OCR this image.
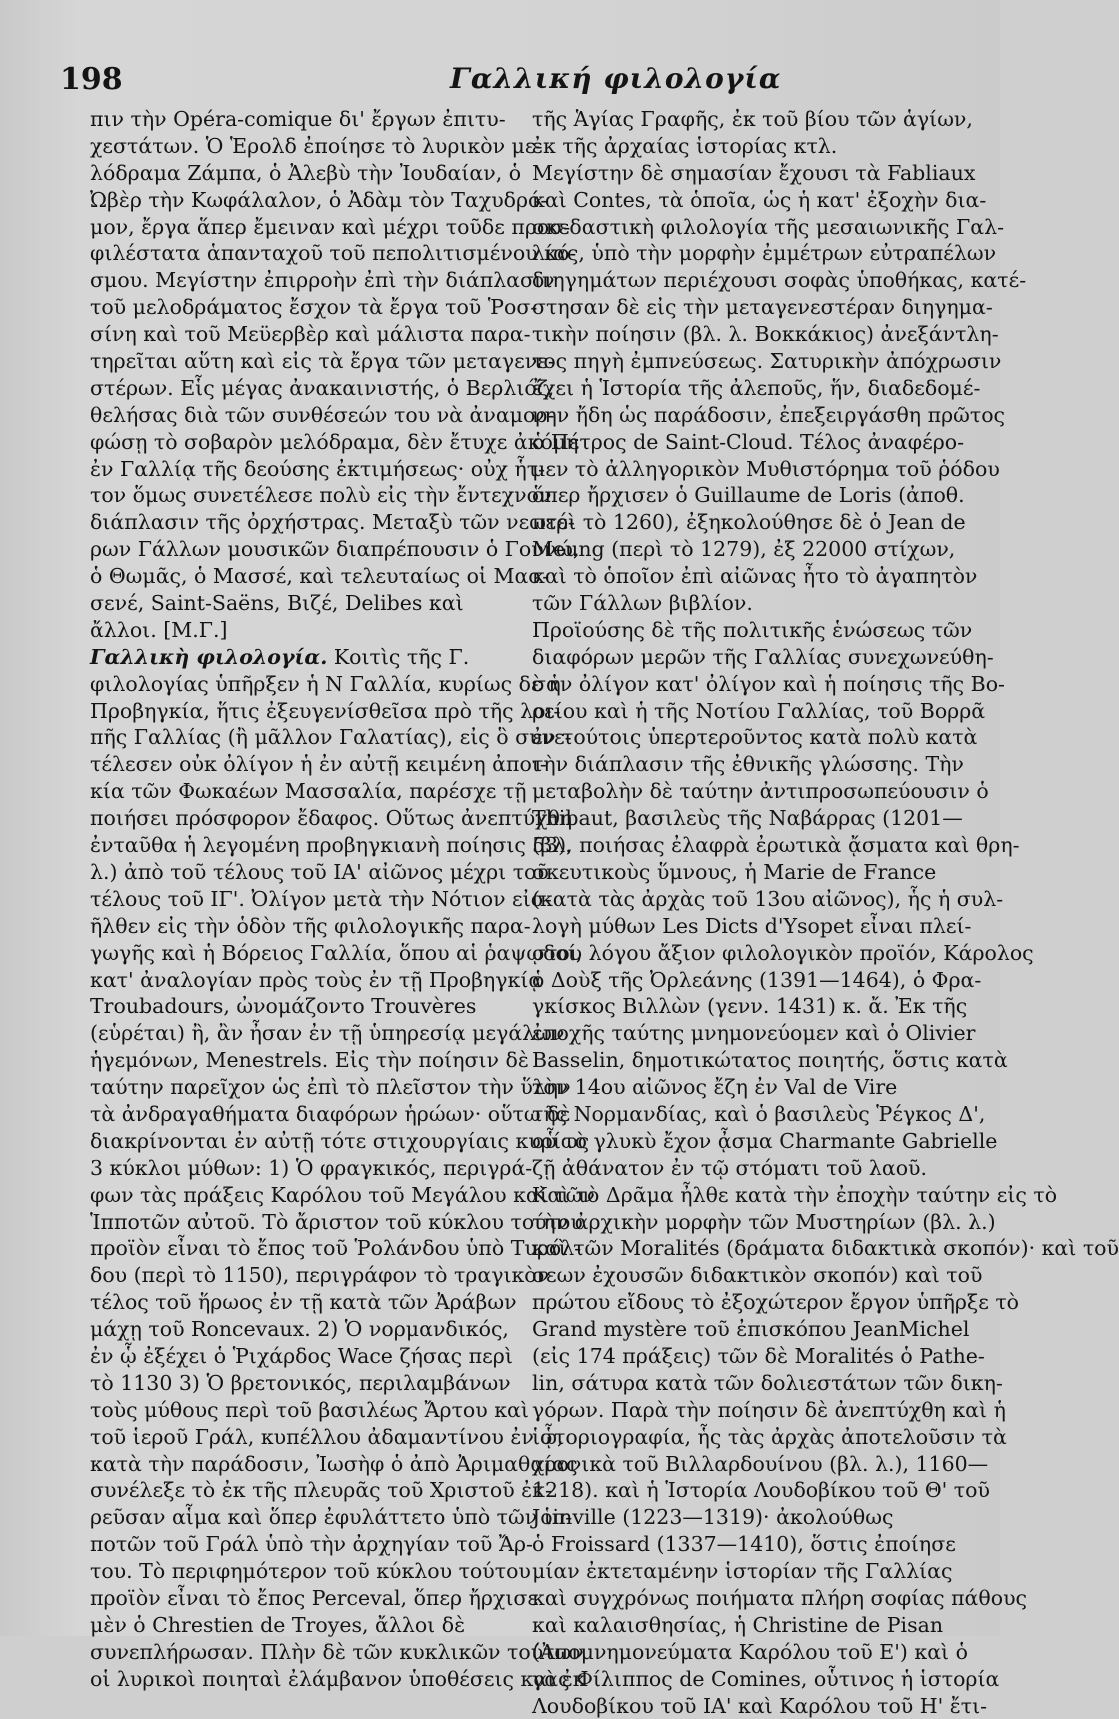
198	Γαλλική φιλολογία
πιν τὴν Opéra-comique δι' ἔργων ἐπιτυ-
χεστάτων. Ὁ Ἑρολδ ἐποίησε τὸ λυρικὸν με-
λόδραμα Ζάμπα, ὁ Ἀλεβὺ τὴν Ἰουδαίαν, ὁ
Ὠβὲρ τὴν Κωφάλαλον, ὁ Ἀδὰμ τὸν Ταχυδρό-
μον, ἔργα ἅπερ ἔμειναν καὶ μέχρι τοῦδε προσ-
φιλέστατα ἁπανταχοῦ τοῦ πεπολιτισμένου κό-
σμου. Μεγίστην ἐπιρροὴν ἐπὶ τὴν διάπλασιν
τοῦ μελοδράματος ἔσχον τὰ ἔργα τοῦ Ῥοσ-
σίνη καὶ τοῦ Μεϋερβὲρ καὶ μάλιστα παρα-
τηρεῖται αὕτη καὶ εἰς τὰ ἔργα τῶν μεταγενε-
στέρων. Εἷς μέγας ἀνακαινιστής, ὁ Βερλιόζ,
θελήσας διὰ τῶν συνθέσεών του νὰ ἀναμορ-
φώσῃ τὸ σοβαρὸν μελόδραμα, δὲν ἔτυχε ἀκόμη
ἐν Γαλλίᾳ τῆς δεούσης ἐκτιμήσεως· οὐχ ἧτ-
τον ὅμως συνετέλεσε πολὺ εἰς τὴν ἔντεχνον
διάπλασιν τῆς ὀρχήστρας. Μεταξὺ τῶν νεωτέ-
ρων Γάλλων μουσικῶν διαπρέπουσιν ὁ Γουνώ,
ὁ Θωμᾶς, ὁ Μασσέ, καὶ τελευταίως οἱ Μασ-
σενέ, Saint-Saëns, Βιζέ, Delibes καὶ
ἄλλοι. [Μ.Γ.]
Γαλλικὴ φιλολογία. Κοιτὶς τῆς Γ.
φιλολογίας ὑπῆρξεν ἡ Ν Γαλλία, κυρίως δὲ ἡ
Προβηγκία, ἥτις ἐξευγενίσθεῖσα πρὸ τῆς λοι-
πῆς Γαλλίας (ἢ μᾶλλον Γαλατίας), εἰς ὃ συνε-
τέλεσεν οὐκ ὀλίγον ἡ ἐν αὐτῇ κειμένη ἀποι-
κία τῶν Φωκαέων Μασσαλία, παρέσχε τῇ
ποιήσει πρόσφορον ἔδαφος. Οὕτως ἀνεπτύχθη
ἐνταῦθα ἡ λεγομένη προβηγκιανὴ ποίησις (βλ.
λ.) ἀπὸ τοῦ τέλους τοῦ ΙΑ' αἰῶνος μέχρι τοῦ
τέλους τοῦ ΙΓ'. Ὀλίγον μετὰ τὴν Νότιον εἰσ-
ῆλθεν εἰς τὴν ὁδὸν τῆς φιλολογικῆς παρα-
γωγῆς καὶ ἡ Βόρειος Γαλλία, ὅπου αἱ ῥαψῳδοί,
κατ' ἀναλογίαν πρὸς τοὺς ἐν τῇ Προβηγκίᾳ
Troubadours, ὠνομάζοντο Trouvères
(εὑρέται) ἢ, ἂν ἦσαν ἐν τῇ ὑπηρεσίᾳ μεγάλων
ἡγεμόνων, Menestrels. Εἰς τὴν ποίησιν δὲ
ταύτην παρεῖχον ὡς ἐπὶ τὸ πλεῖστον τὴν ὕλην
τὰ ἀνδραγαθήματα διαφόρων ἡρώων· οὕτω δὲ
διακρίνονται ἐν αὐτῇ τότε στιχουργίαις κυρίως
3 κύκλοι μύθων: 1) Ὁ φραγκικός, περιγρά-
φων τὰς πράξεις Καρόλου τοῦ Μεγάλου καὶ τῶν
Ἱπποτῶν αὐτοῦ. Τὸ ἄριστον τοῦ κύκλου τούτου
προϊὸν εἶναι τὸ ἔπος τοῦ Ῥολάνδου ὑπὸ Τυρόλ-
δου (περὶ τὸ 1150), περιγράφον τὸ τραγικὸν
τέλος τοῦ ἥρωος ἐν τῇ κατὰ τῶν Ἀράβων
μάχῃ τοῦ Roncevaux. 2) Ὁ νορμανδικός,
ἐν ᾧ ἐξέχει ὁ Ῥιχάρδος Wace ζήσας περὶ
τὸ 1130 3) Ὁ βρετονικός, περιλαμβάνων
τοὺς μύθους περὶ τοῦ βασιλέως Ἄρτου καὶ
τοῦ ἱεροῦ Γράλ, κυπέλλου ἀδαμαντίνου ἐν ᾧ,
κατὰ τὴν παράδοσιν, Ἰωσὴφ ὁ ἀπὸ Ἀριμαθαίας
συνέλεξε τὸ ἐκ τῆς πλευρᾶς τοῦ Χριστοῦ ἐκ-
ρεῦσαν αἷμα καὶ ὅπερ ἐφυλάττετο ὑπὸ τῶν ἱπ-
ποτῶν τοῦ Γράλ ὑπὸ τὴν ἀρχηγίαν τοῦ Ἄρ-
του. Τὸ περιφημότερον τοῦ κύκλου τούτου
προϊὸν εἶναι τὸ ἔπος Perceval, ὅπερ ἤρχισε
μὲν ὁ Chrestien de Troyes, ἄλλοι δὲ
συνεπλήρωσαν. Πλὴν δὲ τῶν κυκλικῶν τούτων
οἱ λυρικοὶ ποιηταὶ ἐλάμβανον ὑποθέσεις καὶ ἐκ
τῆς Ἁγίας Γραφῆς, ἐκ τοῦ βίου τῶν ἁγίων,
ἐκ τῆς ἀρχαίας ἱστορίας κτλ.
Μεγίστην δὲ σημασίαν ἔχουσι τὰ Fabliaux
καὶ Contes, τὰ ὁποῖα, ὡς ἡ κατ' ἐξοχὴν δια-
σκεδαστικὴ φιλολογία τῆς μεσαιωνικῆς Γαλ-
λίας, ὑπὸ τὴν μορφὴν ἐμμέτρων εὐτραπέλων
διηγημάτων περιέχουσι σοφὰς ὑποθήκας, κατέ-
στησαν δὲ εἰς τὴν μεταγενεστέραν διηγημα-
τικὴν ποίησιν (βλ. λ. Βοκκάκιος) ἀνεξάντλη-
τος πηγὴ ἐμπνεύσεως. Σατυρικὴν ἀπόχρωσιν
ἔχει ἡ Ἱστορία τῆς ἀλεποῦς, ἥν, διαδεδομέ-
νην ἤδη ὡς παράδοσιν, ἐπεξειργάσθη πρῶτος
ὁ Πέτρος de Saint-Cloud. Τέλος ἀναφέρο-
μεν τὸ ἀλληγορικὸν Μυθιστόρημα τοῦ ῥόδου
ὅπερ ἤρχισεν ὁ Guillaume de Loris (ἀποθ.
περὶ τὸ 1260), ἐξηκολούθησε δὲ ὁ Jean de
Meung (περὶ τὸ 1279), ἐξ 22000 στίχων,
καὶ τὸ ὁποῖον ἐπὶ αἰῶνας ἦτο τὸ ἀγαπητὸν
τῶν Γάλλων βιβλίον.
Προϊούσης δὲ τῆς πολιτικῆς ἑνώσεως τῶν
διαφόρων μερῶν τῆς Γαλλίας συνεχωνεύθη-
σαν ὀλίγον κατ' ὀλίγον καὶ ἡ ποίησις τῆς Βο-
ρείου καὶ ἡ τῆς Νοτίου Γαλλίας, τοῦ Βορρᾶ
ἐν τούτοις ὑπερτεροῦντος κατὰ πολὺ κατὰ
τὴν διάπλασιν τῆς ἐθνικῆς γλώσσης. Τὴν
μεταβολὴν δὲ ταύτην ἀντιπροσωπεύουσιν ὁ
Thibaut, βασιλεὺς τῆς Ναβάρρας (1201—
53), ποιήσας ἐλαφρὰ ἐρωτικὰ ᾄσματα καὶ θρη-
σκευτικοὺς ὕμνους, ἡ Marie de France
(κατὰ τὰς ἀρχὰς τοῦ 13ου αἰῶνος), ἧς ἡ συλ-
λογὴ μύθων Les Dicts d'Ysopet εἶναι πλεί-
στου λόγου ἄξιον φιλολογικὸν προϊόν, Κάρολος
ὁ Δοὺξ τῆς Ὀρλεάνης (1391—1464), ὁ Φρα-
γκίσκος Βιλλὼν (γενν. 1431) κ. ἄ. Ἐκ τῆς
ἐποχῆς ταύτης μνημονεύομεν καὶ ὁ Olivier
Basselin, δημοτικώτατος ποιητής, ὅστις κατὰ
τὸν 14ου αἰῶνος ἔζη ἐν Val de Vire
τῆς Νορμανδίας, καὶ ὁ βασιλεὺς Ῥέγκος Δ',
οὗ τὸ γλυκὺ ἔχον ᾆσμα Charmante Gabrielle
ζῇ ἀθάνατον ἐν τῷ στόματι τοῦ λαοῦ.
Καὶ τὸ Δρᾶμα ἦλθε κατὰ τὴν ἐποχὴν ταύτην εἰς τὸ
τὴν ἀρχικὴν μορφὴν τῶν Μυστηρίων (βλ. λ.)
καὶ τῶν Moralités (δράματα διδακτικὰ σκοπόν)· καὶ τοῦ
σεων ἐχουσῶν διδακτικὸν σκοπόν) καὶ τοῦ
πρώτου εἴδους τὸ ἐξοχώτερον ἔργον ὑπῆρξε τὸ
Grand mystère τοῦ ἐπισκόπου JeanMichel
(εἰς 174 πράξεις) τῶν δὲ Moralités ὁ Pathe-
lin, σάτυρα κατὰ τῶν δολιεστάτων τῶν δικη-
γόρων. Παρὰ τὴν ποίησιν δὲ ἀνεπτύχθη καὶ ἡ
ἱστοριογραφία, ἧς τὰς ἀρχὰς ἀποτελοῦσιν τὰ
χρονικὰ τοῦ Βιλλαρδουίνου (βλ. λ.), 1160—
1218). καὶ ἡ Ἱστορία Λουδοβίκου τοῦ Θ' τοῦ
Joinville (1223—1319)· ἀκολούθως
ὁ Froissard (1337—1410), ὅστις ἐποίησε
μίαν ἐκτεταμένην ἱστορίαν τῆς Γαλλίας
καὶ συγχρόνως ποιήματα πλήρη σοφίας πάθους
καὶ καλαισθησίας, ἡ Christine de Pisan
(Ἀπομνημονεύματα Καρόλου τοῦ Ε') καὶ ὁ
γας Φίλιππος de Comines, οὗτινος ἡ ἱστορία
Λουδοβίκου τοῦ ΙΑ' καὶ Καρόλου τοῦ Η' ἔτι-
